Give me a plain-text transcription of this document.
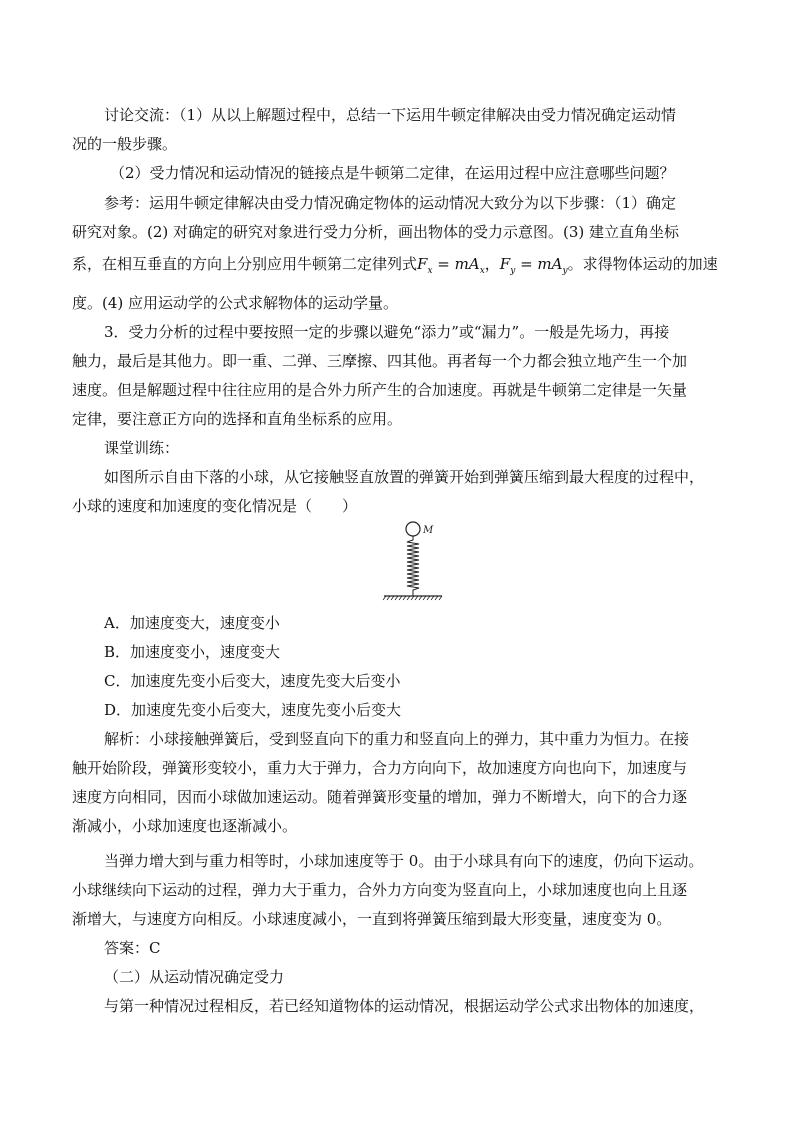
讨论交流：（1）从以上解题过程中，总结一下运用牛顿定律解决由受力情况确定运动情

况的一般步骤。

（2）受力情况和运动情况的链接点是牛顿第二定律，在运用过程中应注意哪些问题？

参考：运用牛顿定律解决由受力情况确定物体的运动情况大致分为以下步骤：（1）确定

研究对象。(2) 对确定的研究对象进行受力分析，画出物体的受力示意图。(3) 建立直角坐标

系，在相互垂直的方向上分别应用牛顿第二定律列式$F_x = mA_x$，$F_y = mA_y$。求得物体运动的加速

度。(4) 应用运动学的公式求解物体的运动学量。

3．受力分析的过程中要按照一定的步骤以避免“添力”或“漏力”。一般是先场力，再接

触力，最后是其他力。即一重、二弹、三摩擦、四其他。再者每一个力都会独立地产生一个加

速度。但是解题过程中往往应用的是合外力所产生的合加速度。再就是牛顿第二定律是一矢量

定律，要注意正方向的选择和直角坐标系的应用。

课堂训练：

如图所示自由下落的小球，从它接触竖直放置的弹簧开始到弹簧压缩到最大程度的过程中，

小球的速度和加速度的变化情况是（　　）

M
A．加速度变大，速度变小
B．加速度变小，速度变大
C．加速度先变小后变大，速度先变大后变小
D．加速度先变小后变大，速度先变小后变大

解析：小球接触弹簧后，受到竖直向下的重力和竖直向上的弹力，其中重力为恒力。在接

触开始阶段，弹簧形变较小，重力大于弹力，合力方向向下，故加速度方向也向下，加速度与

速度方向相同，因而小球做加速运动。随着弹簧形变量的增加，弹力不断增大，向下的合力逐

渐减小，小球加速度也逐渐减小。

当弹力增大到与重力相等时，小球加速度等于 0。由于小球具有向下的速度，仍向下运动。

小球继续向下运动的过程，弹力大于重力，合外力方向变为竖直向上，小球加速度也向上且逐

渐增大，与速度方向相反。小球速度减小，一直到将弹簧压缩到最大形变量，速度变为 0。

答案：C

（二）从运动情况确定受力

与第一种情况过程相反，若已经知道物体的运动情况，根据运动学公式求出物体的加速度，
